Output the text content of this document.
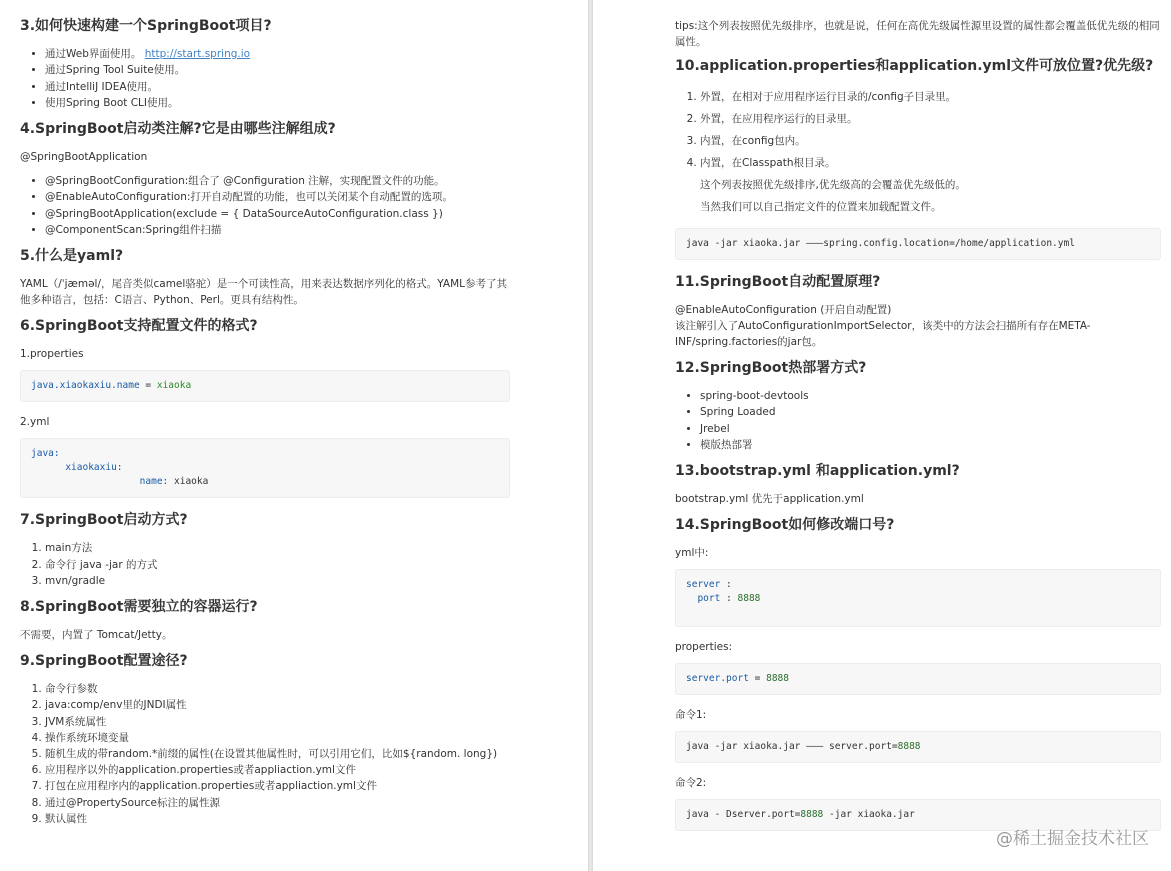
3.如何快速构建一个SpringBoot项目?
• 通过Web界面使用。 http://start.spring.io
• 通过Spring Tool Suite使用。
• 通过IntelliJ IDEA使用。
• 使用Spring Boot CLI使用。
4.SpringBoot启动类注解?它是由哪些注解组成?

@SpringBootApplication

• @SpringBootConfiguration:组合了 @Configuration 注解，实现配置文件的功能。
• @EnableAutoConfiguration:打开自动配置的功能，也可以关闭某个自动配置的选项。
• @SpringBootApplication(exclude = { DataSourceAutoConfiguration.class })
• @ComponentScan:Spring组件扫描
5.什么是yaml?

YAML（/ˈjæməl/，尾音类似camel骆驼）是一个可读性高，用来表达数据序列化的格式。YAML参考了其他多种语言，包括：C语言、Python、Perl。更具有结构性。

6.SpringBoot支持配置文件的格式?

1.properties

java.xiaokaxiu.name = xiaoka

2.yml

java:
xiaokaxiu:
name: xiaoka
7.SpringBoot启动方式?
1. main方法
2. 命令行 java -jar 的方式
3. mvn/gradle
8.SpringBoot需要独立的容器运行?

不需要，内置了 Tomcat/Jetty。

9.SpringBoot配置途径?
1. 命令行参数
2. java:comp/env里的JNDI属性
3. JVM系统属性
4. 操作系统环境变量
5. 随机生成的带random.*前缀的属性(在设置其他属性时，可以引用它们，比如${random. long})
6. 应用程序以外的application.properties或者appliaction.yml文件
7. 打包在应用程序内的application.properties或者appliaction.yml文件
8. 通过@PropertySource标注的属性源
9. 默认属性

tips:这个列表按照优先级排序，也就是说，任何在高优先级属性源里设置的属性都会覆盖低优先级的相同属性。

10.application.properties和application.yml文件可放位置?优先级?
1. 外置，在相对于应用程序运行目录的/config子目录里。
2. 外置，在应用程序运行的目录里。
3. 内置，在config包内。
4. 内置，在Classpath根目录。
这个列表按照优先级排序,优先级高的会覆盖优先级低的。
当然我们可以自己指定文件的位置来加载配置文件。
java -jar xiaoka.jar ———spring.config.location=/home/application.yml
11.SpringBoot自动配置原理?

@EnableAutoConfiguration (开启自动配置)
该注解引入了AutoConfigurationImportSelector，该类中的方法会扫描所有存在META-INF/spring.factories的jar包。

12.SpringBoot热部署方式?
• spring-boot-devtools
• Spring Loaded
• Jrebel
• 模版热部署
13.bootstrap.yml 和application.yml?

bootstrap.yml 优先于application.yml

14.SpringBoot如何修改端口号?

yml中:

server :
port : 8888

properties:

server.port = 8888

命令1:

java -jar xiaoka.jar ——— server.port=8888

命令2:

java - Dserver.port=8888 -jar xiaoka.jar
@稀土掘金技术社区
